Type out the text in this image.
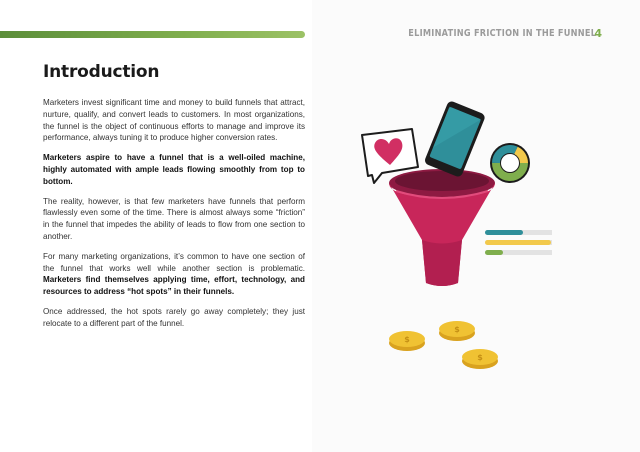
ELIMINATING FRICTION IN THE FUNNEL
4
Introduction

Marketers invest significant time and money to build funnels that attract, nurture, qualify, and convert leads to customers. In most organizations, the funnel is the object of continuous efforts to manage and improve its performance, always tuning it to produce higher conversion rates.

Marketers aspire to have a funnel that is a well-oiled machine, highly automated with ample leads flowing smoothly from top to bottom.

The reality, however, is that few marketers have funnels that perform flawlessly even some of the time. There is almost always some “friction” in the funnel that impedes the ability of leads to flow from one section to another.

For many marketing organizations, it’s common to have one section of the funnel that works well while another section is problematic. Marketers find themselves applying time, effort, technology, and resources to address “hot spots” in their funnels.

Once addressed, the hot spots rarely go away completely; they just relocate to a different part of the funnel.

$
$
$
